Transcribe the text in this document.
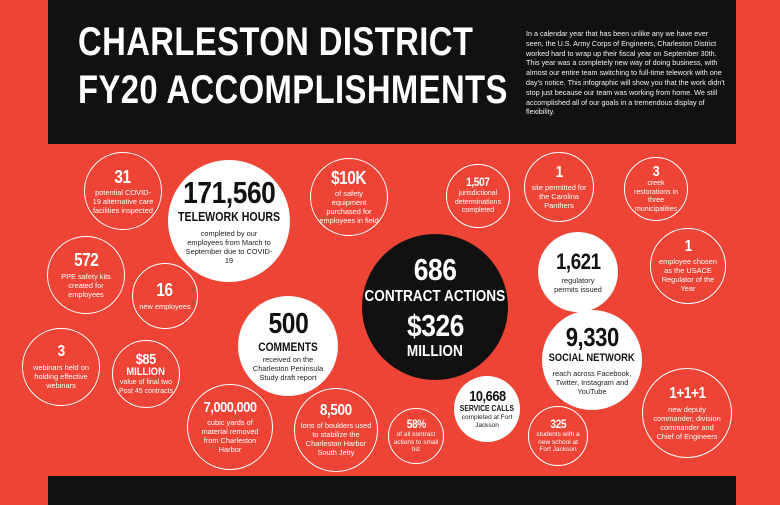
CHARLESTON DISTRICT
FY20 ACCOMPLISHMENTS
In a calendar year that has been unlike any we have ever seen, the U.S. Army Corps of Engineers, Charleston District worked hard to wrap up their fiscal year on September 30th. This year was a completely new way of doing business, with almost our entire team switching to full-time telework with one day's notice. This infographic will show you that the work didn't stop just because our team was working from home. We still accomplished all of our goals in a tremendous display of flexibility.
31
potential COVID-19 alternative care facilities inspected
171,560
TELEWORK HOURS
completed by our employees from March to September due to COVID-19
$10K
of safety equipment purchased for employees in field
1,507
jurisdictional determinations completed
1
site permitted for the Carolina Panthers
3
creek restorations in three municipalities
572
PPE safety kits created for employees	16
new employees
686
CONTRACT ACTIONS
$326
MILLION
1,621
regulatory permits issued
1
employee chosen as the USACE Regulator of the Year
500
COMMENTS
received on the Charleston Peninsula Study draft report
9,330
SOCIAL NETWORK
reach across Facebook, Twitter, Instagram and YouTube
3
webinars held on holding effective webinars
$85
MILLION
value of final two Post 45 contracts	10,668
SERVICE CALLS
completed at Fort Jackson
1+1+1
new deputy commander, division commander and Chief of Engineers
7,000,000
cubic yards of material removed from Charleston Harbor
8,500
tons of boulders used to stabilize the Charleston Harbor South Jetty
58%
of all contract actions to small biz
325
students with a new school at Fort Jackson
